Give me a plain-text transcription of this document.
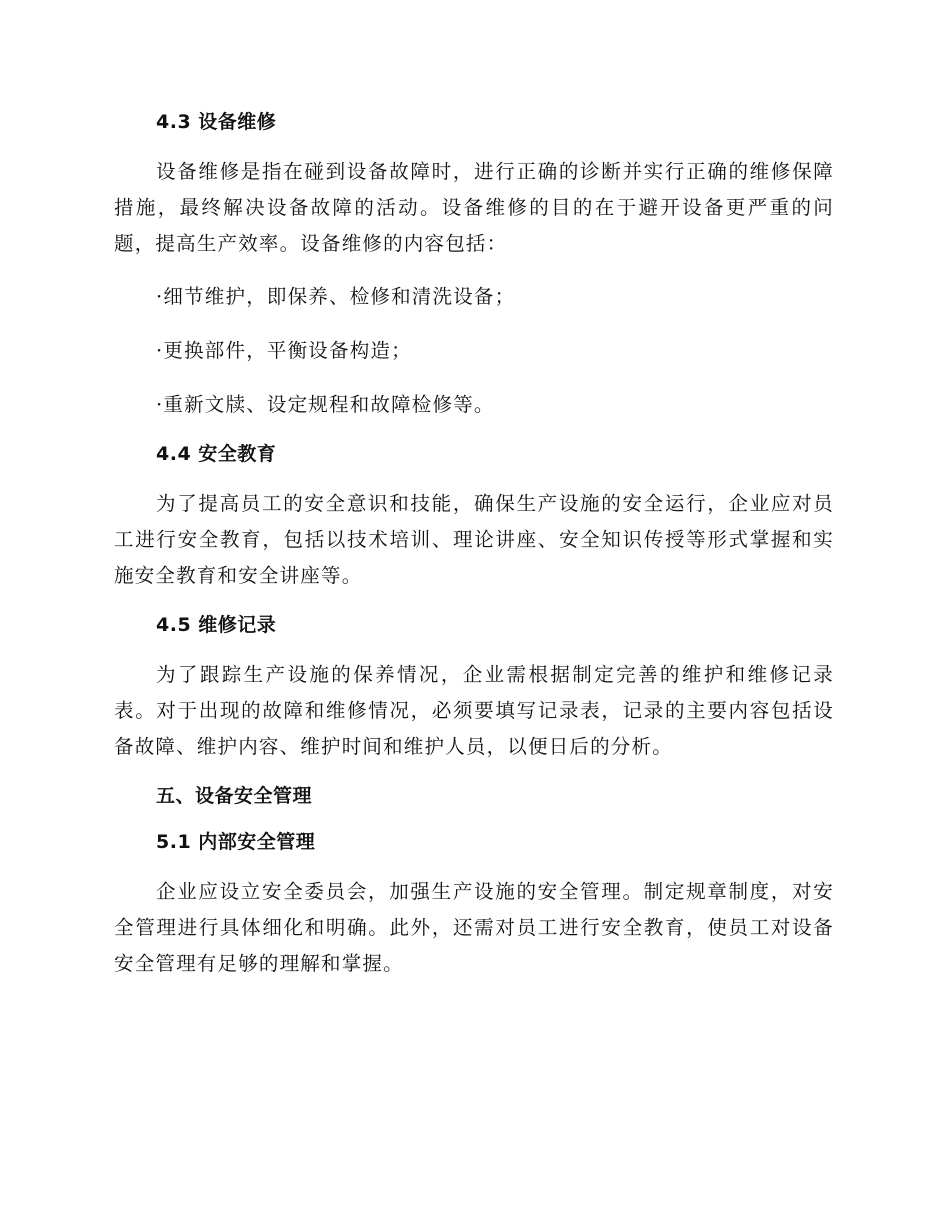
4.3 设备维修

设备维修是指在碰到设备故障时，进行正确的诊断并实行正确的维修保障措施，最终解决设备故障的活动。设备维修的目的在于避开设备更严重的问题，提高生产效率。设备维修的内容包括：

·细节维护，即保养、检修和清洗设备；

·更换部件，平衡设备构造；

·重新文牍、设定规程和故障检修等。

4.4 安全教育

为了提高员工的安全意识和技能，确保生产设施的安全运行，企业应对员工进行安全教育，包括以技术培训、理论讲座、安全知识传授等形式掌握和实施安全教育和安全讲座等。

4.5 维修记录

为了跟踪生产设施的保养情况，企业需根据制定完善的维护和维修记录表。对于出现的故障和维修情况，必须要填写记录表，记录的主要内容包括设备故障、维护内容、维护时间和维护人员，以便日后的分析。

五、设备安全管理
5.1 内部安全管理

企业应设立安全委员会，加强生产设施的安全管理。制定规章制度，对安全管理进行具体细化和明确。此外，还需对员工进行安全教育，使员工对设备安全管理有足够的理解和掌握。
